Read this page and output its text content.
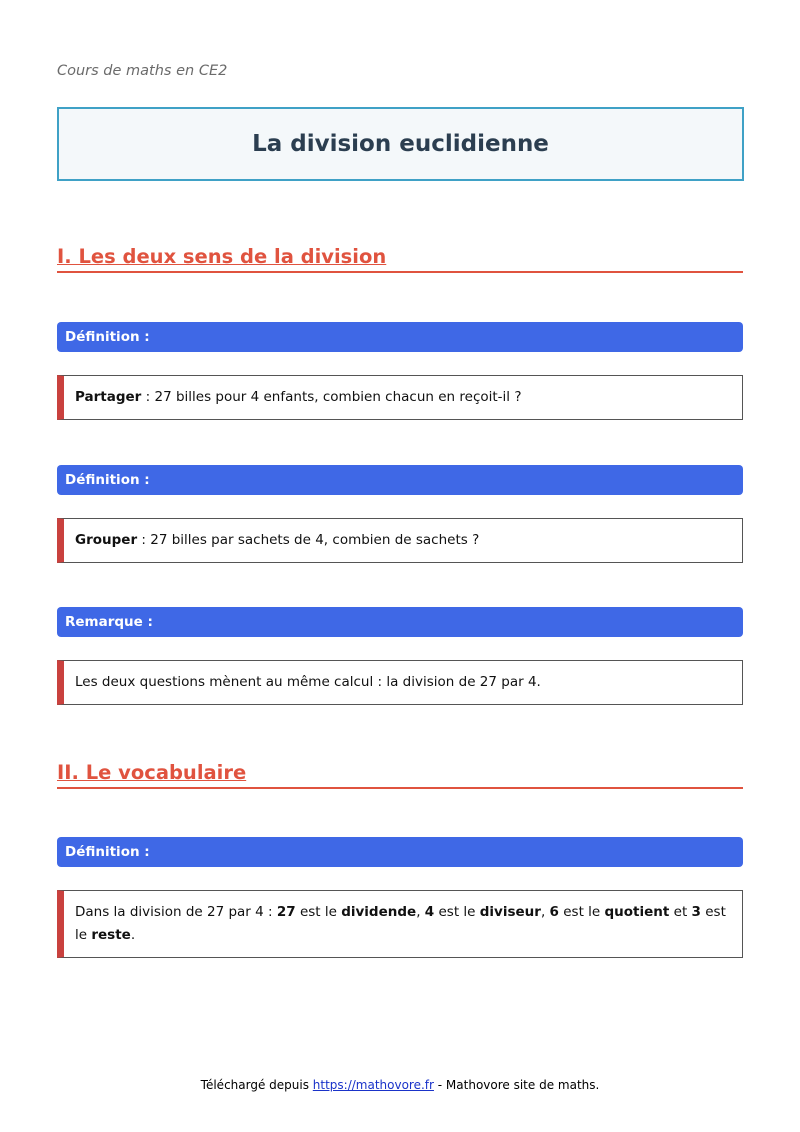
Cours de maths en CE2
La division euclidienne
I. Les deux sens de la division
Définition :
Partager : 27 billes pour 4 enfants, combien chacun en reçoit-il ?
Définition :
Grouper : 27 billes par sachets de 4, combien de sachets ?
Remarque :
Les deux questions mènent au même calcul : la division de 27 par 4.
II. Le vocabulaire
Définition :
Dans la division de 27 par 4 : 27 est le dividende, 4 est le diviseur, 6 est le quotient et 3 est le reste.
Téléchargé depuis https://mathovore.fr - Mathovore site de maths.
